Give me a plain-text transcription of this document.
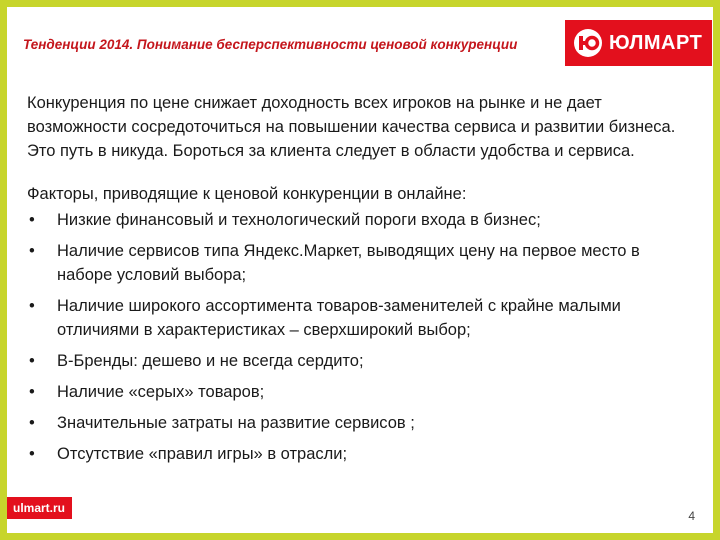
Тенденции 2014. Понимание бесперспективности ценовой конкуренции	ЮЛМАРТ

Конкуренция по цене снижает доходность всех игроков на рынке и не дает возможности сосредоточиться на повышении качества сервиса и развитии бизнеса. Это путь в никуда. Бороться за клиента следует в области удобства и сервиса.

Факторы, приводящие к ценовой конкуренции в онлайне:

• Низкие финансовый и технологический пороги входа в бизнес;
• Наличие сервисов типа Яндекс.Маркет, выводящих цену на первое место в наборе условий выбора;
• Наличие широкого ассортимента товаров-заменителей с крайне малыми отличиями в характеристиках – сверхширокий выбор;
• В-Бренды: дешево и не всегда сердито;
• Наличие «серых» товаров;
• Значительные затраты на развитие сервисов ;
• Отсутствие «правил игры» в отрасли;
4
ulmart.ru
